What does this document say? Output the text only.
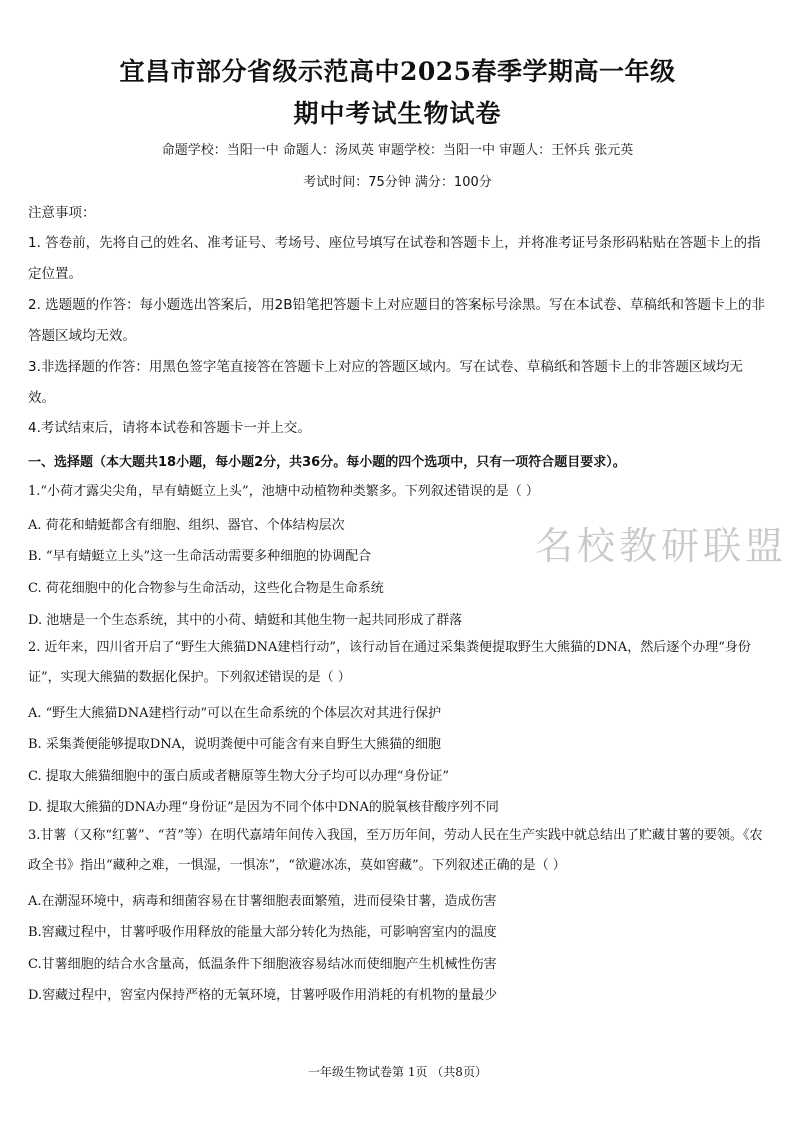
宜昌市部分省级示范高中2025春季学期高一年级
期中考试生物试卷
命题学校：当阳一中 命题人：汤凤英 审题学校：当阳一中 审题人：王怀兵 张元英
考试时间：75分钟 满分：100分

注意事项：

1. 答卷前，先将自己的姓名、准考证号、考场号、座位号填写在试卷和答题卡上，并将准考证号条形码粘贴在答题卡上的指定位置。

2. 选题题的作答：每小题选出答案后，用2B铅笔把答题卡上对应题目的答案标号涂黑。写在本试卷、草稿纸和答题卡上的非答题区域均无效。

3.非选择题的作答：用黑色签字笔直接答在答题卡上对应的答题区域内。写在试卷、草稿纸和答题卡上的非答题区域均无效。

4.考试结束后，请将本试卷和答题卡一并上交。

一、选择题（本大题共18小题，每小题2分，共36分。每小题的四个选项中，只有一项符合题目要求）。

名校教研联盟

1.“小荷才露尖尖角，早有蜻蜓立上头”，池塘中动植物种类繁多。下列叙述错误的是（ ）

A. 荷花和蜻蜓都含有细胞、组织、器官、个体结构层次

B. “早有蜻蜓立上头”这一生命活动需要多种细胞的协调配合

C. 荷花细胞中的化合物参与生命活动，这些化合物是生命系统

D. 池塘是一个生态系统，其中的小荷、蜻蜓和其他生物一起共同形成了群落

2. 近年来，四川省开启了“野生大熊猫DNA建档行动”，该行动旨在通过采集粪便提取野生大熊猫的DNA，然后逐个办理“身份证”，实现大熊猫的数据化保护。下列叙述错误的是（ ）

A. “野生大熊猫DNA建档行动”可以在生命系统的个体层次对其进行保护

B. 采集粪便能够提取DNA，说明粪便中可能含有来自野生大熊猫的细胞

C. 提取大熊猫细胞中的蛋白质或者糖原等生物大分子均可以办理“身份证”

D. 提取大熊猫的DNA办理“身份证”是因为不同个体中DNA的脱氧核苷酸序列不同

3.甘薯（又称“红薯”、“苕”等）在明代嘉靖年间传入我国，至万历年间，劳动人民在生产实践中就总结出了贮藏甘薯的要领。《农政全书》指出“藏种之难，一惧湿，一惧冻”，“欲避冰冻，莫如窖藏”。下列叙述正确的是（ ）

A.在潮湿环境中，病毒和细菌容易在甘薯细胞表面繁殖，进而侵染甘薯，造成伤害

B.窖藏过程中，甘薯呼吸作用释放的能量大部分转化为热能，可影响窖室内的温度

C.甘薯细胞的结合水含量高，低温条件下细胞液容易结冰而使细胞产生机械性伤害

D.窖藏过程中，窖室内保持严格的无氧环境，甘薯呼吸作用消耗的有机物的量最少

一年级生物试卷第 1页 （共8页）
